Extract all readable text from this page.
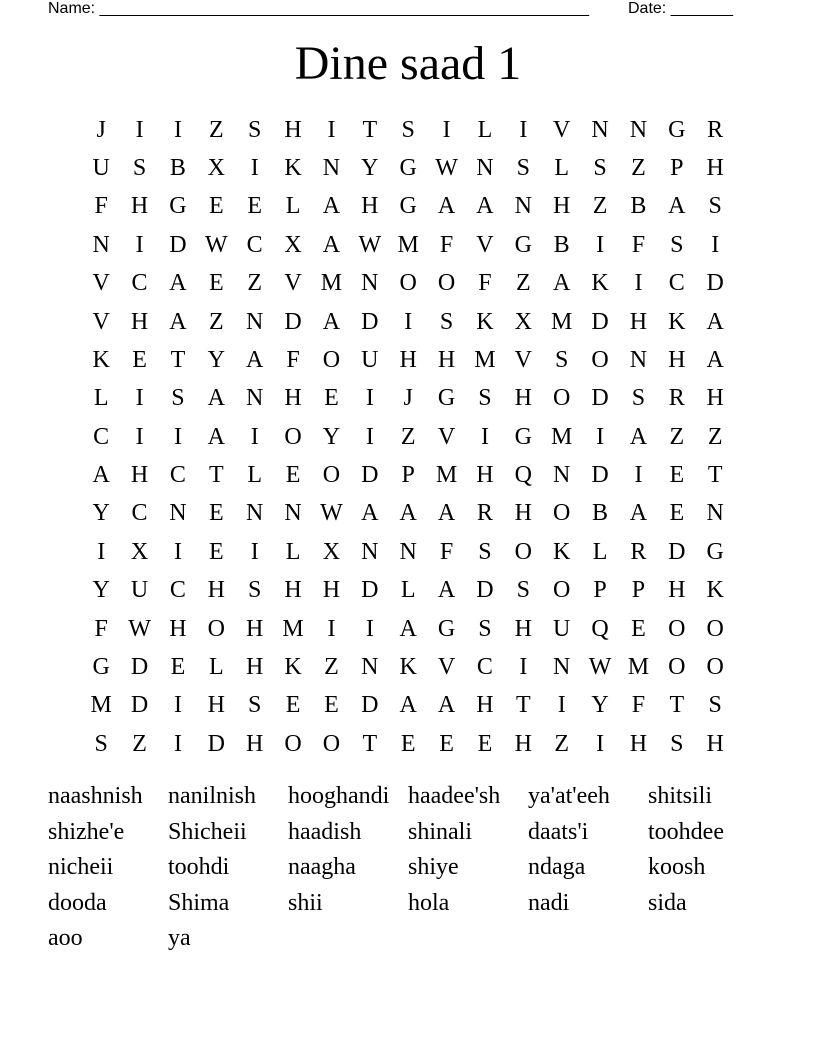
Name: _______________________________________________________ Date: _______
Dine saad 1
J	I	I	Z	S H	I	T	S	I	L	I	V N N G R
U S B X	I	K N Y G W N S	L	S	Z	P H
F H G E E L A H G A A N H Z B A S
N	I	D W C X A W M F V G B	I	F	S	I
V C A E Z V M N O O F	Z A K	I	C D
V H A Z N D A D	I	S K X M D H K A
K E T Y A F O U H H M V S O N H A
L	I	S A N H E	I	J	G S H O D S R H
C	I	I	A	I	O Y	I	Z V	I	G M I	A Z Z
A H C T L E O D P M H Q N D	I	E T
Y C N E N N W A A A R H O B A E N
I	X	I	E	I	L X N N F	S O K L R D G
Y U C H S H H D L A D S O P	P H K
F W H O H M I	I	A G S H U Q E O O
G D E L H K Z N K V C	I	N W M O O
M D	I	H S	E E D A A H T	I	Y F	T	S
S	Z	I	D H O O T E E E H Z	I	H S H
naashnish	nanilnish	hooghandi haadee'sh	ya'at'eeh	shitsili
shizhe'e	Shicheii	haadish	shinali	daats'i	toohdee
nicheii	toohdi	naagha	shiye	ndaga	koosh
dooda	Shima	shii	hola	nadi	sida
aoo	ya
